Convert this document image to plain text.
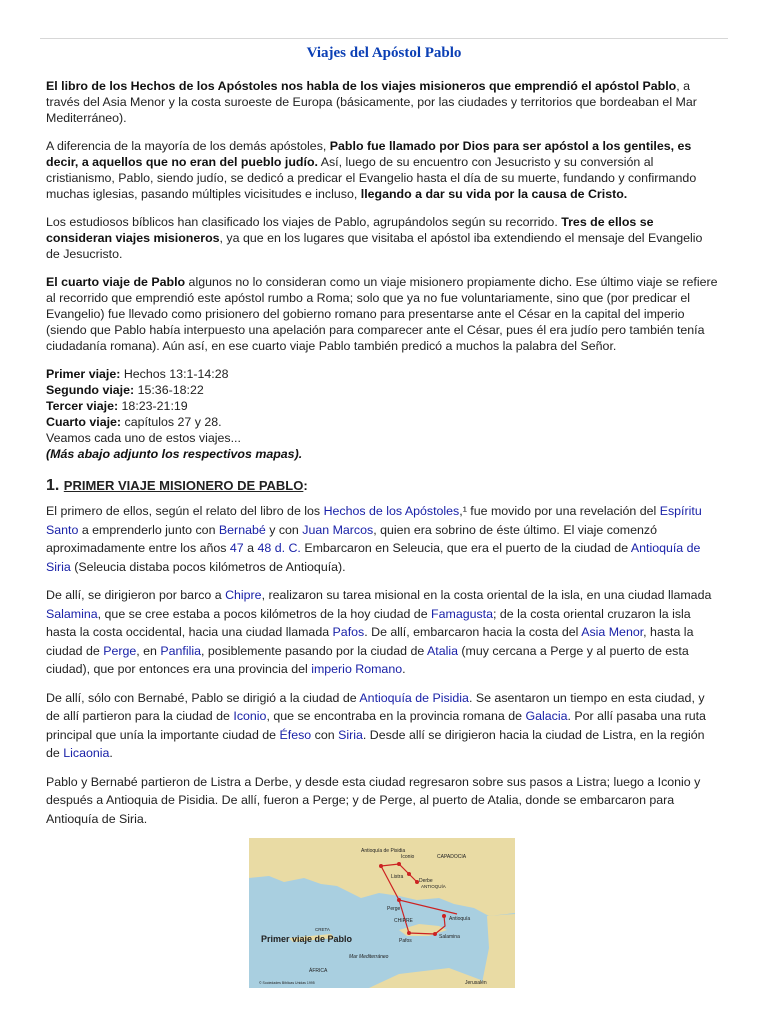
Viajes del Apóstol Pablo

El libro de los Hechos de los Apóstoles nos habla de los viajes misioneros que emprendió el apóstol Pablo, a través del Asia Menor y la costa suroeste de Europa (básicamente, por las ciudades y territorios que bordeaban el Mar Mediterráneo).

A diferencia de la mayoría de los demás apóstoles, Pablo fue llamado por Dios para ser apóstol a los gentiles, es decir, a aquellos que no eran del pueblo judío. Así, luego de su encuentro con Jesucristo y su conversión al cristianismo, Pablo, siendo judío, se dedicó a predicar el Evangelio hasta el día de su muerte, fundando y confirmando muchas iglesias, pasando múltiples vicisitudes e incluso, llegando a dar su vida por la causa de Cristo.

Los estudiosos bíblicos han clasificado los viajes de Pablo, agrupándolos según su recorrido. Tres de ellos se consideran viajes misioneros, ya que en los lugares que visitaba el apóstol iba extendiendo el mensaje del Evangelio de Jesucristo.

El cuarto viaje de Pablo algunos no lo consideran como un viaje misionero propiamente dicho. Ese último viaje se refiere al recorrido que emprendió este apóstol rumbo a Roma; solo que ya no fue voluntariamente, sino que (por predicar el Evangelio) fue llevado como prisionero del gobierno romano para presentarse ante el César en la capital del imperio (siendo que Pablo había interpuesto una apelación para comparecer ante el César, pues él era judío pero también tenía ciudadanía romana). Aún así, en ese cuarto viaje Pablo también predicó a muchos la palabra del Señor.

Primer viaje: Hechos 13:1-14:28
Segundo viaje: 15:36-18:22
Tercer viaje: 18:23-21:19
Cuarto viaje: capítulos 27 y 28.
Veamos cada uno de estos viajes...
(Más abajo adjunto los respectivos mapas).

1. PRIMER VIAJE MISIONERO DE PABLO:

El primero de ellos, según el relato del libro de los Hechos de los Apóstoles,¹ fue movido por una revelación del Espíritu Santo a emprenderlo junto con Bernabé y con Juan Marcos, quien era sobrino de éste último. El viaje comenzó aproximadamente entre los años 47 a 48 d. C. Embarcaron en Seleucia, que era el puerto de la ciudad de Antioquía de Siria (Seleucia distaba pocos kilómetros de Antioquía).

De allí, se dirigieron por barco a Chipre, realizaron su tarea misional en la costa oriental de la isla, en una ciudad llamada Salamina, que se cree estaba a pocos kilómetros de la hoy ciudad de Famagusta; de la costa oriental cruzaron la isla hasta la costa occidental, hacia una ciudad llamada Pafos. De allí, embarcaron hacia la costa del Asia Menor, hasta la ciudad de Perge, en Panfilia, posiblemente pasando por la ciudad de Atalia (muy cercana a Perge y al puerto de esta ciudad), que por entonces era una provincia del imperio Romano.

De allí, sólo con Bernabé, Pablo se dirigió a la ciudad de Antioquía de Pisidia. Se asentaron un tiempo en esta ciudad, y de allí partieron para la ciudad de Iconio, que se encontraba en la provincia romana de Galacia. Por allí pasaba una ruta principal que unía la importante ciudad de Éfeso con Siria. Desde allí se dirigieron hacia la ciudad de Listra, en la región de Licaonia.

Pablo y Bernabé partieron de Listra a Derbe, y desde esta ciudad regresaron sobre sus pasos a Listra; luego a Iconio y después a Antioquia de Pisidia. De allí, fueron a Perge; y de Perge, al puerto de Atalia, donde se embarcaron para Antioquía de Siria.

Antioquía de Pisidia
Iconio
Listra
Derbe
Perge
CAPADOCIA
ANTIOQUÍA
CHIPRE
Salamina
Pafos
Antioquía
CRETA
Mar Mediterráneo
Jerusalén
ÁFRICA
© Sociedades Bíblicas Unidas 1995
Primer viaje de Pablo
